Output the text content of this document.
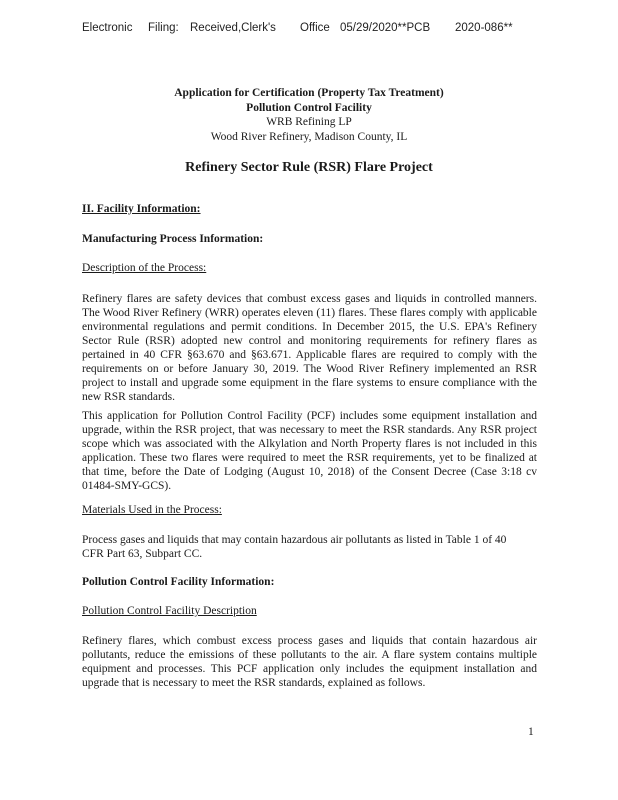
Electronic Filing: Received,Clerk's Office 05/29/2020**PCB 2020-086**
Application for Certification (Property Tax Treatment)
Pollution Control Facility
WRB Refining LP
Wood River Refinery, Madison County, IL
Refinery Sector Rule (RSR) Flare Project
II. Facility Information:
Manufacturing Process Information:
Description of the Process:
Refinery flares are safety devices that combust excess gases and liquids in controlled manners. The Wood River Refinery (WRR) operates eleven (11) flares. These flares comply with applicable environmental regulations and permit conditions. In December 2015, the U.S. EPA's Refinery Sector Rule (RSR) adopted new control and monitoring requirements for refinery flares as pertained in 40 CFR §63.670 and §63.671. Applicable flares are required to comply with the requirements on or before January 30, 2019. The Wood River Refinery implemented an RSR project to install and upgrade some equipment in the flare systems to ensure compliance with the new RSR standards.
This application for Pollution Control Facility (PCF) includes some equipment installation and upgrade, within the RSR project, that was necessary to meet the RSR standards. Any RSR project scope which was associated with the Alkylation and North Property flares is not included in this application. These two flares were required to meet the RSR requirements, yet to be finalized at that time, before the Date of Lodging (August 10, 2018) of the Consent Decree (Case 3:18 cv 01484-SMY-GCS).
Materials Used in the Process:
Process gases and liquids that may contain hazardous air pollutants as listed in Table 1 of 40 CFR Part 63, Subpart CC.
Pollution Control Facility Information:
Pollution Control Facility Description
Refinery flares, which combust excess process gases and liquids that contain hazardous air pollutants, reduce the emissions of these pollutants to the air. A flare system contains multiple equipment and processes. This PCF application only includes the equipment installation and upgrade that is necessary to meet the RSR standards, explained as follows.
1
